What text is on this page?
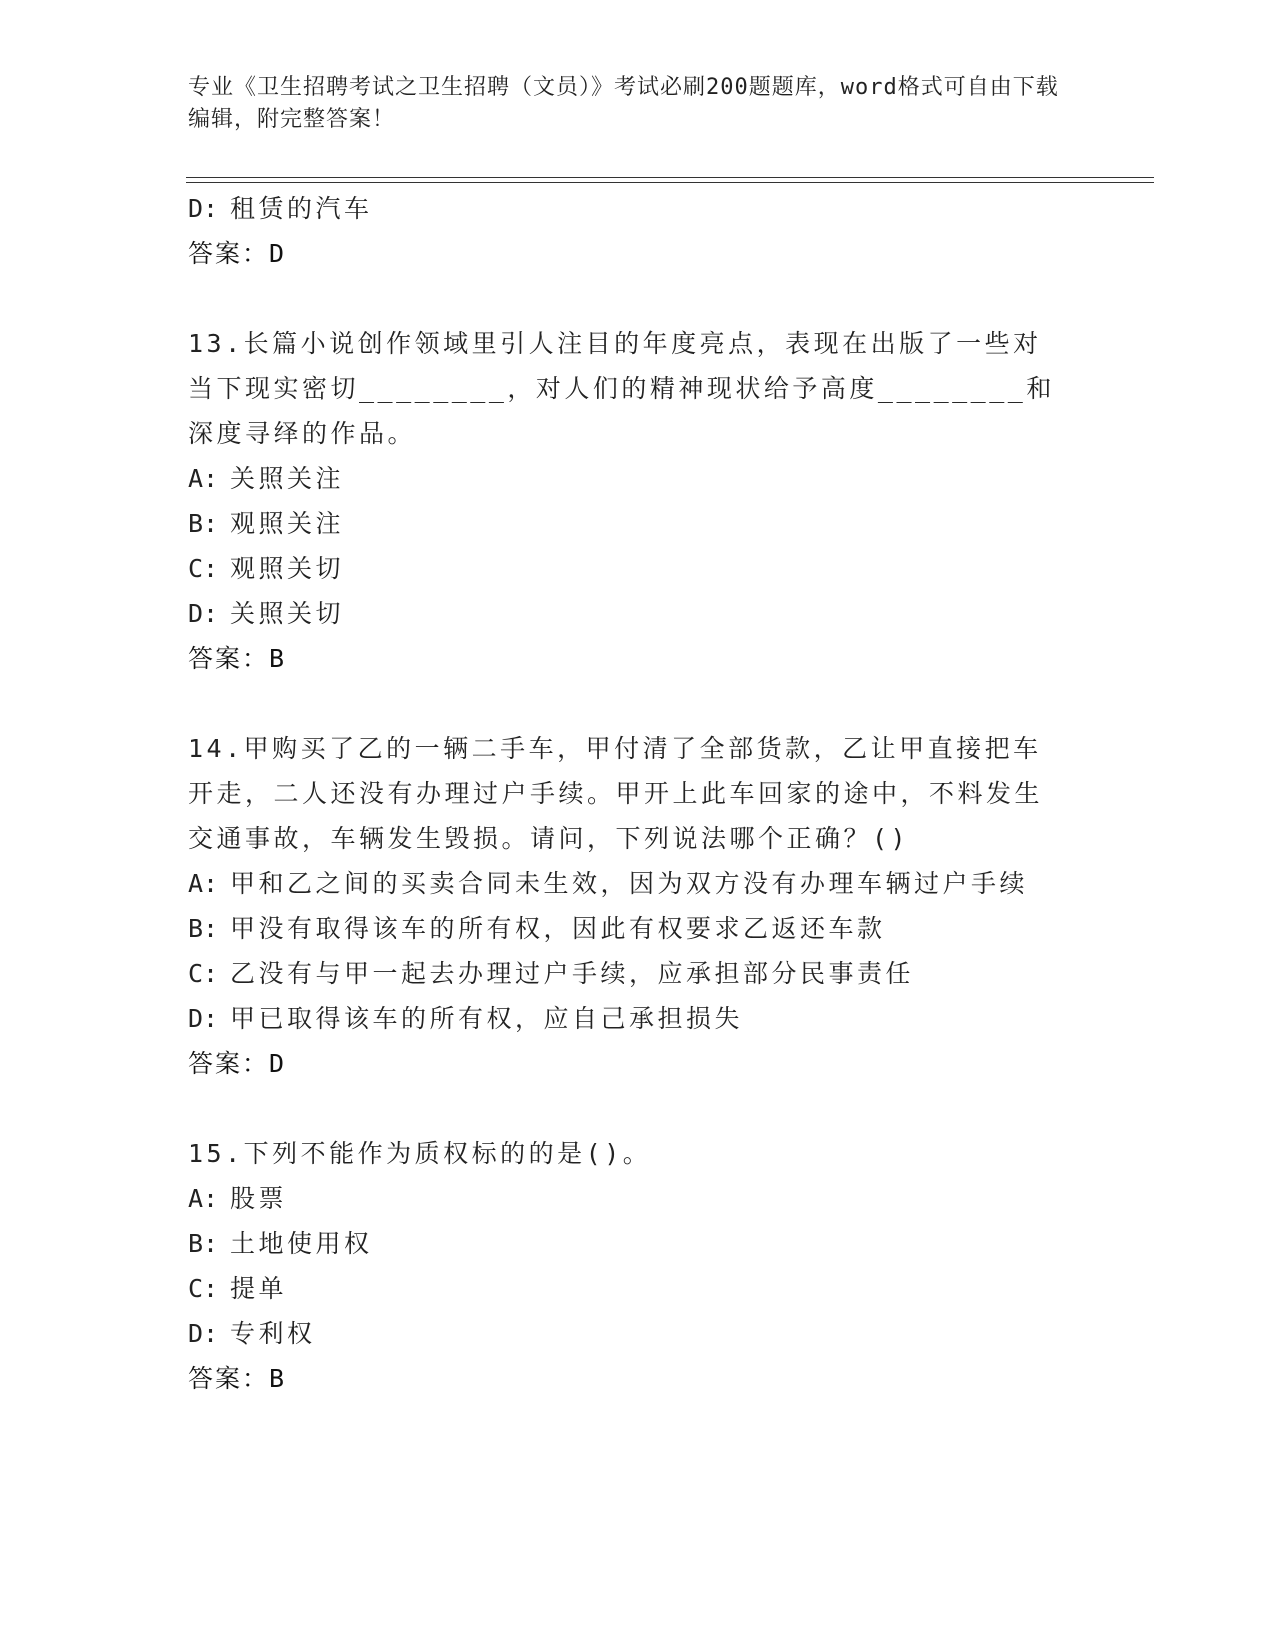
专业《卫生招聘考试之卫生招聘（文员）》考试必刷200题题库，word格式可自由下载编辑，附完整答案！
D: 租赁的汽车
答案：D
13.长篇小说创作领域里引人注目的年度亮点，表现在出版了一些对当下现实密切________，对人们的精神现状给予高度________和深度寻绎的作品。
A: 关照关注
B: 观照关注
C: 观照关切
D: 关照关切
答案：B
14.甲购买了乙的一辆二手车，甲付清了全部货款，乙让甲直接把车开走，二人还没有办理过户手续。甲开上此车回家的途中，不料发生交通事故，车辆发生毁损。请问，下列说法哪个正确？()
A: 甲和乙之间的买卖合同未生效，因为双方没有办理车辆过户手续
B: 甲没有取得该车的所有权，因此有权要求乙返还车款
C: 乙没有与甲一起去办理过户手续，应承担部分民事责任
D: 甲已取得该车的所有权，应自己承担损失
答案：D
15.下列不能作为质权标的的是()。
A: 股票
B: 土地使用权
C: 提单
D: 专利权
答案：B
